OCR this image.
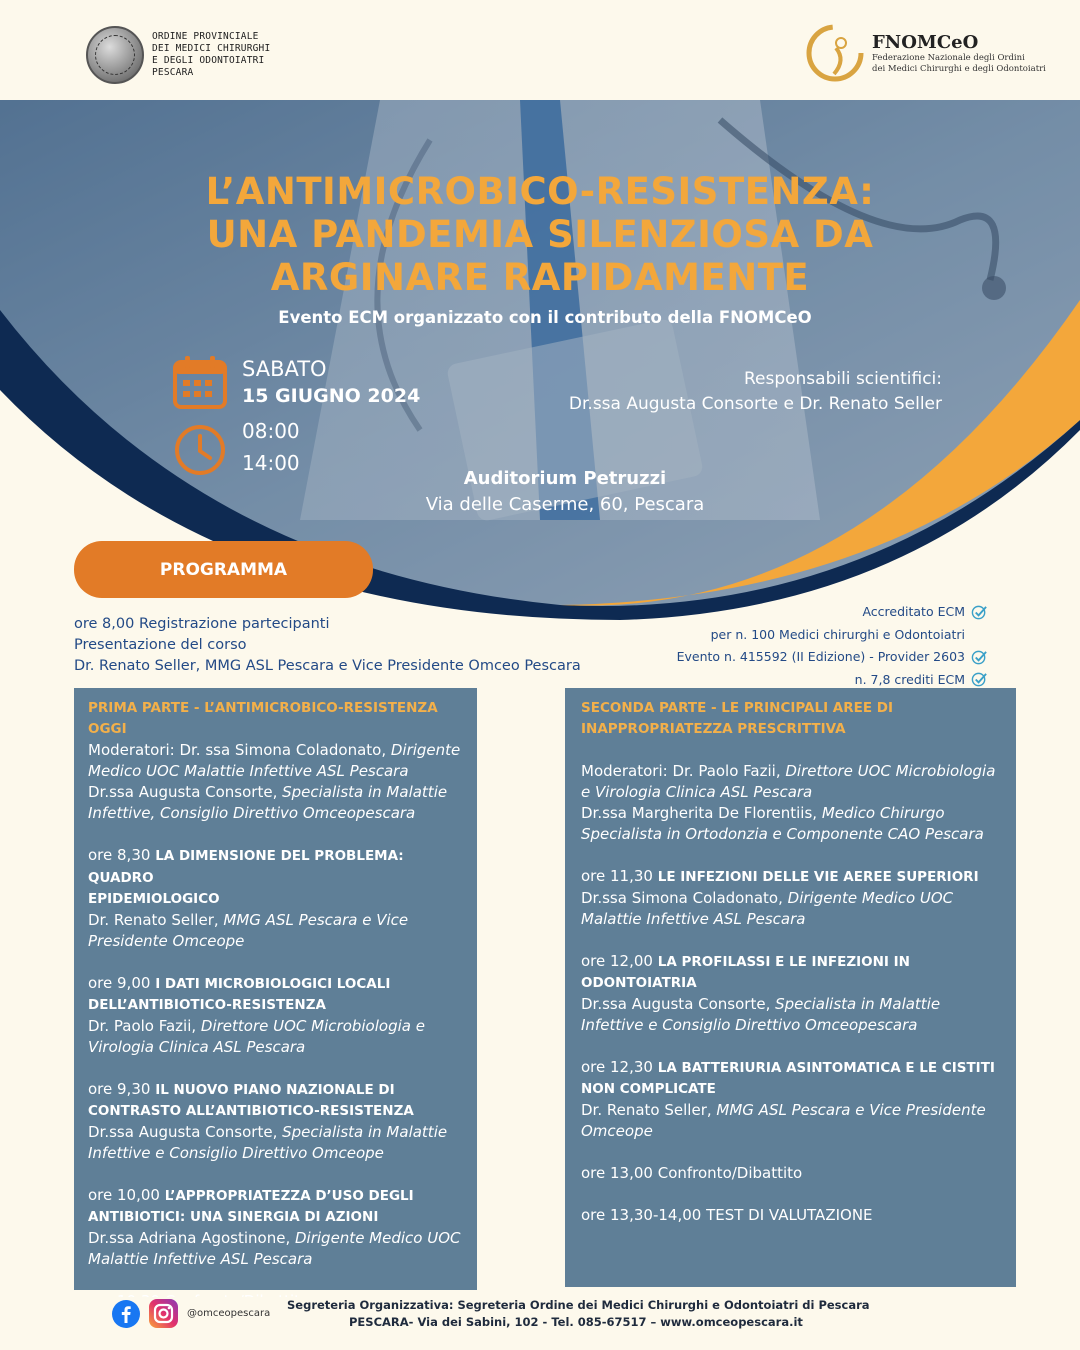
ORDINE PROVINCIALE
DEI MEDICI CHIRURGHI
E DEGLI ODONTOIATRI
PESCARA
FNOMCeO
Federazione Nazionale degli Ordini
dei Medici Chirurghi e degli Odontoiatri
L’ANTIMICROBICO-RESISTENZA:
UNA PANDEMIA SILENZIOSA DA
ARGINARE RAPIDAMENTE
Evento ECM organizzato con il contributo della FNOMCeO
SABATO
15 GIUGNO 2024
08:00
14:00
Responsabili scientifici:
Dr.ssa Augusta Consorte e Dr. Renato Seller
Auditorium Petruzzi
Via delle Caserme, 60, Pescara
PROGRAMMA
ore 8,00 Registrazione partecipanti
Presentazione del corso
Dr. Renato Seller, MMG ASL Pescara e Vice Presidente Omceo Pescara
Accreditato ECM
per n. 100 Medici chirurghi e Odontoiatri
Evento n. 415592 (II Edizione) - Provider 2603
n. 7,8 crediti ECM
PRIMA PARTE - L’ANTIMICROBICO-RESISTENZA
OGGI
Moderatori: Dr. ssa Simona Coladonato, Dirigente
Medico UOC Malattie Infettive ASL Pescara
Dr.ssa Augusta Consorte, Specialista in Malattie
Infettive, Consiglio Direttivo Omceopescara
ore 8,30 LA DIMENSIONE DEL PROBLEMA: QUADRO
EPIDEMIOLOGICO
Dr. Renato Seller, MMG ASL Pescara e Vice
Presidente Omceope
ore 9,00 I DATI MICROBIOLOGICI LOCALI
DELL’ANTIBIOTICO-RESISTENZA
Dr. Paolo Fazii, Direttore UOC Microbiologia e
Virologia Clinica ASL Pescara
ore 9,30 IL NUOVO PIANO NAZIONALE DI
CONTRASTO ALL’ANTIBIOTICO-RESISTENZA
Dr.ssa Augusta Consorte, Specialista in Malattie
Infettive e Consiglio Direttivo Omceope
ore 10,00 L’APPROPRIATEZZA D’USO DEGLI
ANTIBIOTICI: UNA SINERGIA DI AZIONI
Dr.ssa Adriana Agostinone, Dirigente Medico UOC
Malattie Infettive ASL Pescara
SECONDA PARTE - LE PRINCIPALI AREE DI
INAPPROPRIATEZZA PRESCRITTIVA
Moderatori: Dr. Paolo Fazii, Direttore UOC Microbiologia
e Virologia Clinica ASL Pescara
Dr.ssa Margherita De Florentiis, Medico Chirurgo
Specialista in Ortodonzia e Componente CAO Pescara
ore 11,30 LE INFEZIONI DELLE VIE AEREE SUPERIORI
Dr.ssa Simona Coladonato, Dirigente Medico UOC
Malattie Infettive ASL Pescara
ore 12,00 LA PROFILASSI E LE INFEZIONI IN
ODONTOIATRIA
Dr.ssa Augusta Consorte, Specialista in Malattie
Infettive e Consiglio Direttivo Omceopescara
ore 12,30 LA BATTERIURIA ASINTOMATICA E LE CISTITI
NON COMPLICATE
Dr. Renato Seller, MMG ASL Pescara e Vice Presidente
Omceope
ore 13,00 Confronto/Dibattito
ore 13,30-14,00 TEST DI VALUTAZIONE
@omceopescara
Segreteria Organizzativa: Segreteria Ordine dei Medici Chirurghi e Odontoiatri di Pescara
PESCARA- Via dei Sabini, 102 - Tel. 085-67517 – www.omceopescara.it
